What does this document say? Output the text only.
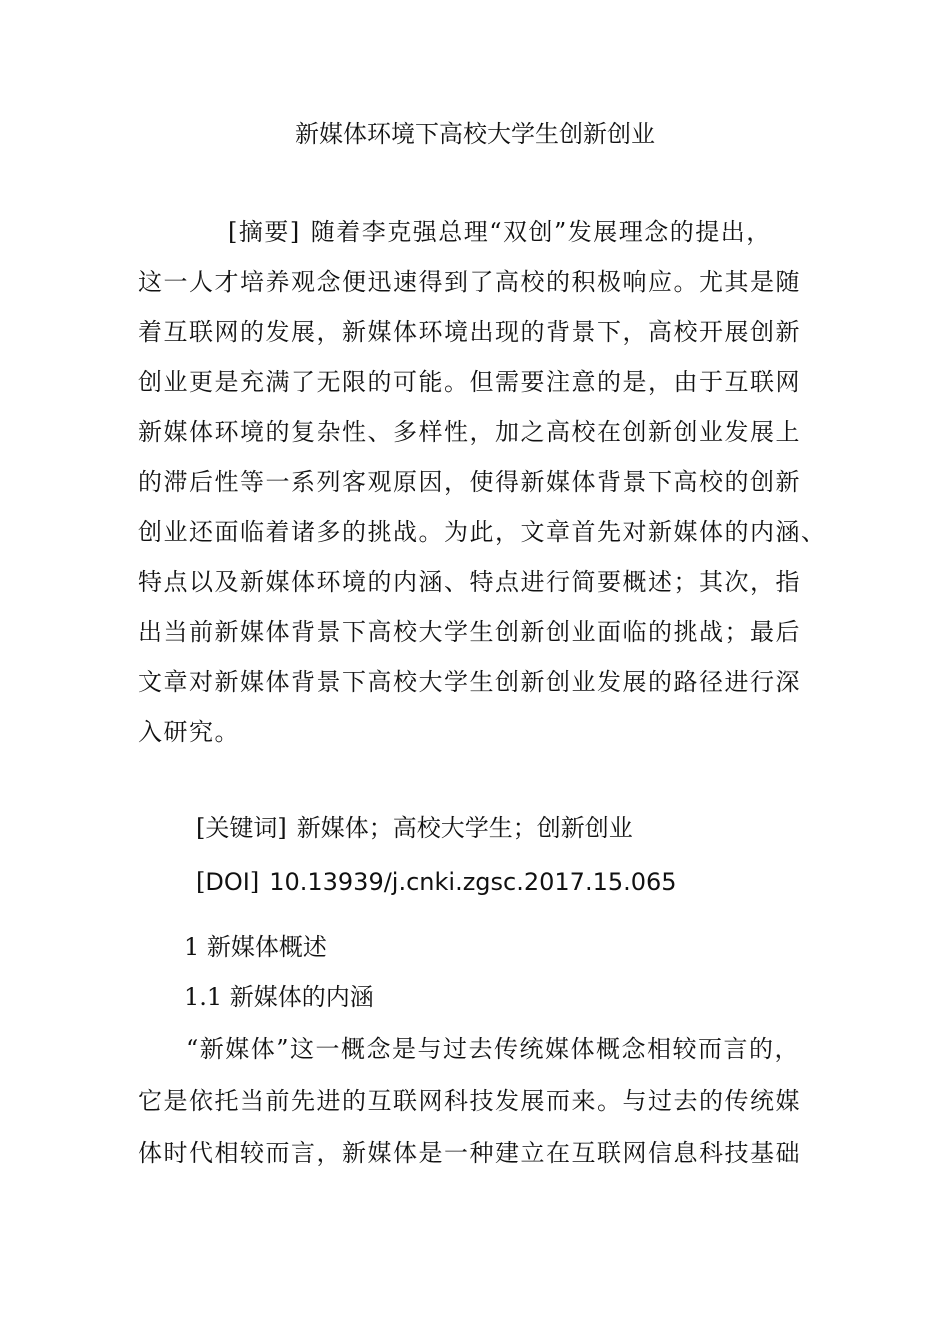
新媒体环境下高校大学生创新创业
[摘要] 随着李克强总理“双创”发展理念的提出，
这一人才培养观念便迅速得到了高校的积极响应。尤其是随
着互联网的发展，新媒体环境出现的背景下，高校开展创新
创业更是充满了无限的可能。但需要注意的是，由于互联网
新媒体环境的复杂性、多样性，加之高校在创新创业发展上
的滞后性等一系列客观原因，使得新媒体背景下高校的创新
创业还面临着诸多的挑战。为此，文章首先对新媒体的内涵、
特点以及新媒体环境的内涵、特点进行简要概述；其次，指
出当前新媒体背景下高校大学生创新创业面临的挑战；最后
文章对新媒体背景下高校大学生创新创业发展的路径进行深
入研究。
[关键词] 新媒体；高校大学生；创新创业
[DOI] 10.13939/j.cnki.zgsc.2017.15.065
1 新媒体概述
1.1 新媒体的内涵
“新媒体”这一概念是与过去传统媒体概念相较而言的，
它是依托当前先进的互联网科技发展而来。与过去的传统媒
体时代相较而言，新媒体是一种建立在互联网信息科技基础
